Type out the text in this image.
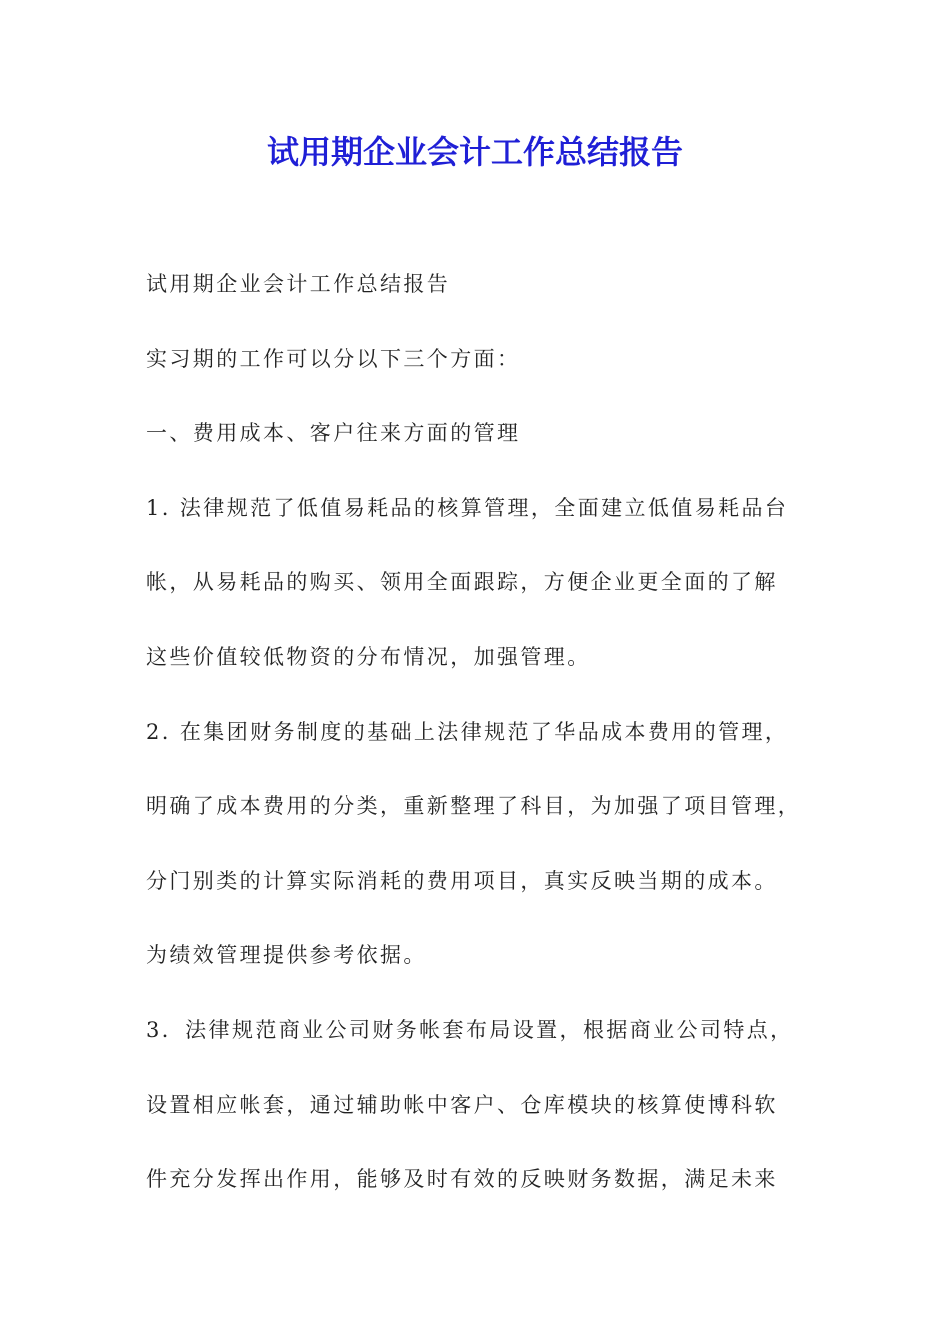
试用期企业会计工作总结报告
试用期企业会计工作总结报告
实习期的工作可以分以下三个方面：
一、费用成本、客户往来方面的管理
1. 法律规范了低值易耗品的核算管理，全面建立低值易耗品台
帐，从易耗品的购买、领用全面跟踪，方便企业更全面的了解
这些价值较低物资的分布情况，加强管理。
2. 在集团财务制度的基础上法律规范了华品成本费用的管理，
明确了成本费用的分类，重新整理了科目，为加强了项目管理，
分门别类的计算实际消耗的费用项目，真实反映当期的成本。
为绩效管理提供参考依据。
3．法律规范商业公司财务帐套布局设置，根据商业公司特点，
设置相应帐套，通过辅助帐中客户、仓库模块的核算使博科软
件充分发挥出作用，能够及时有效的反映财务数据，满足未来
